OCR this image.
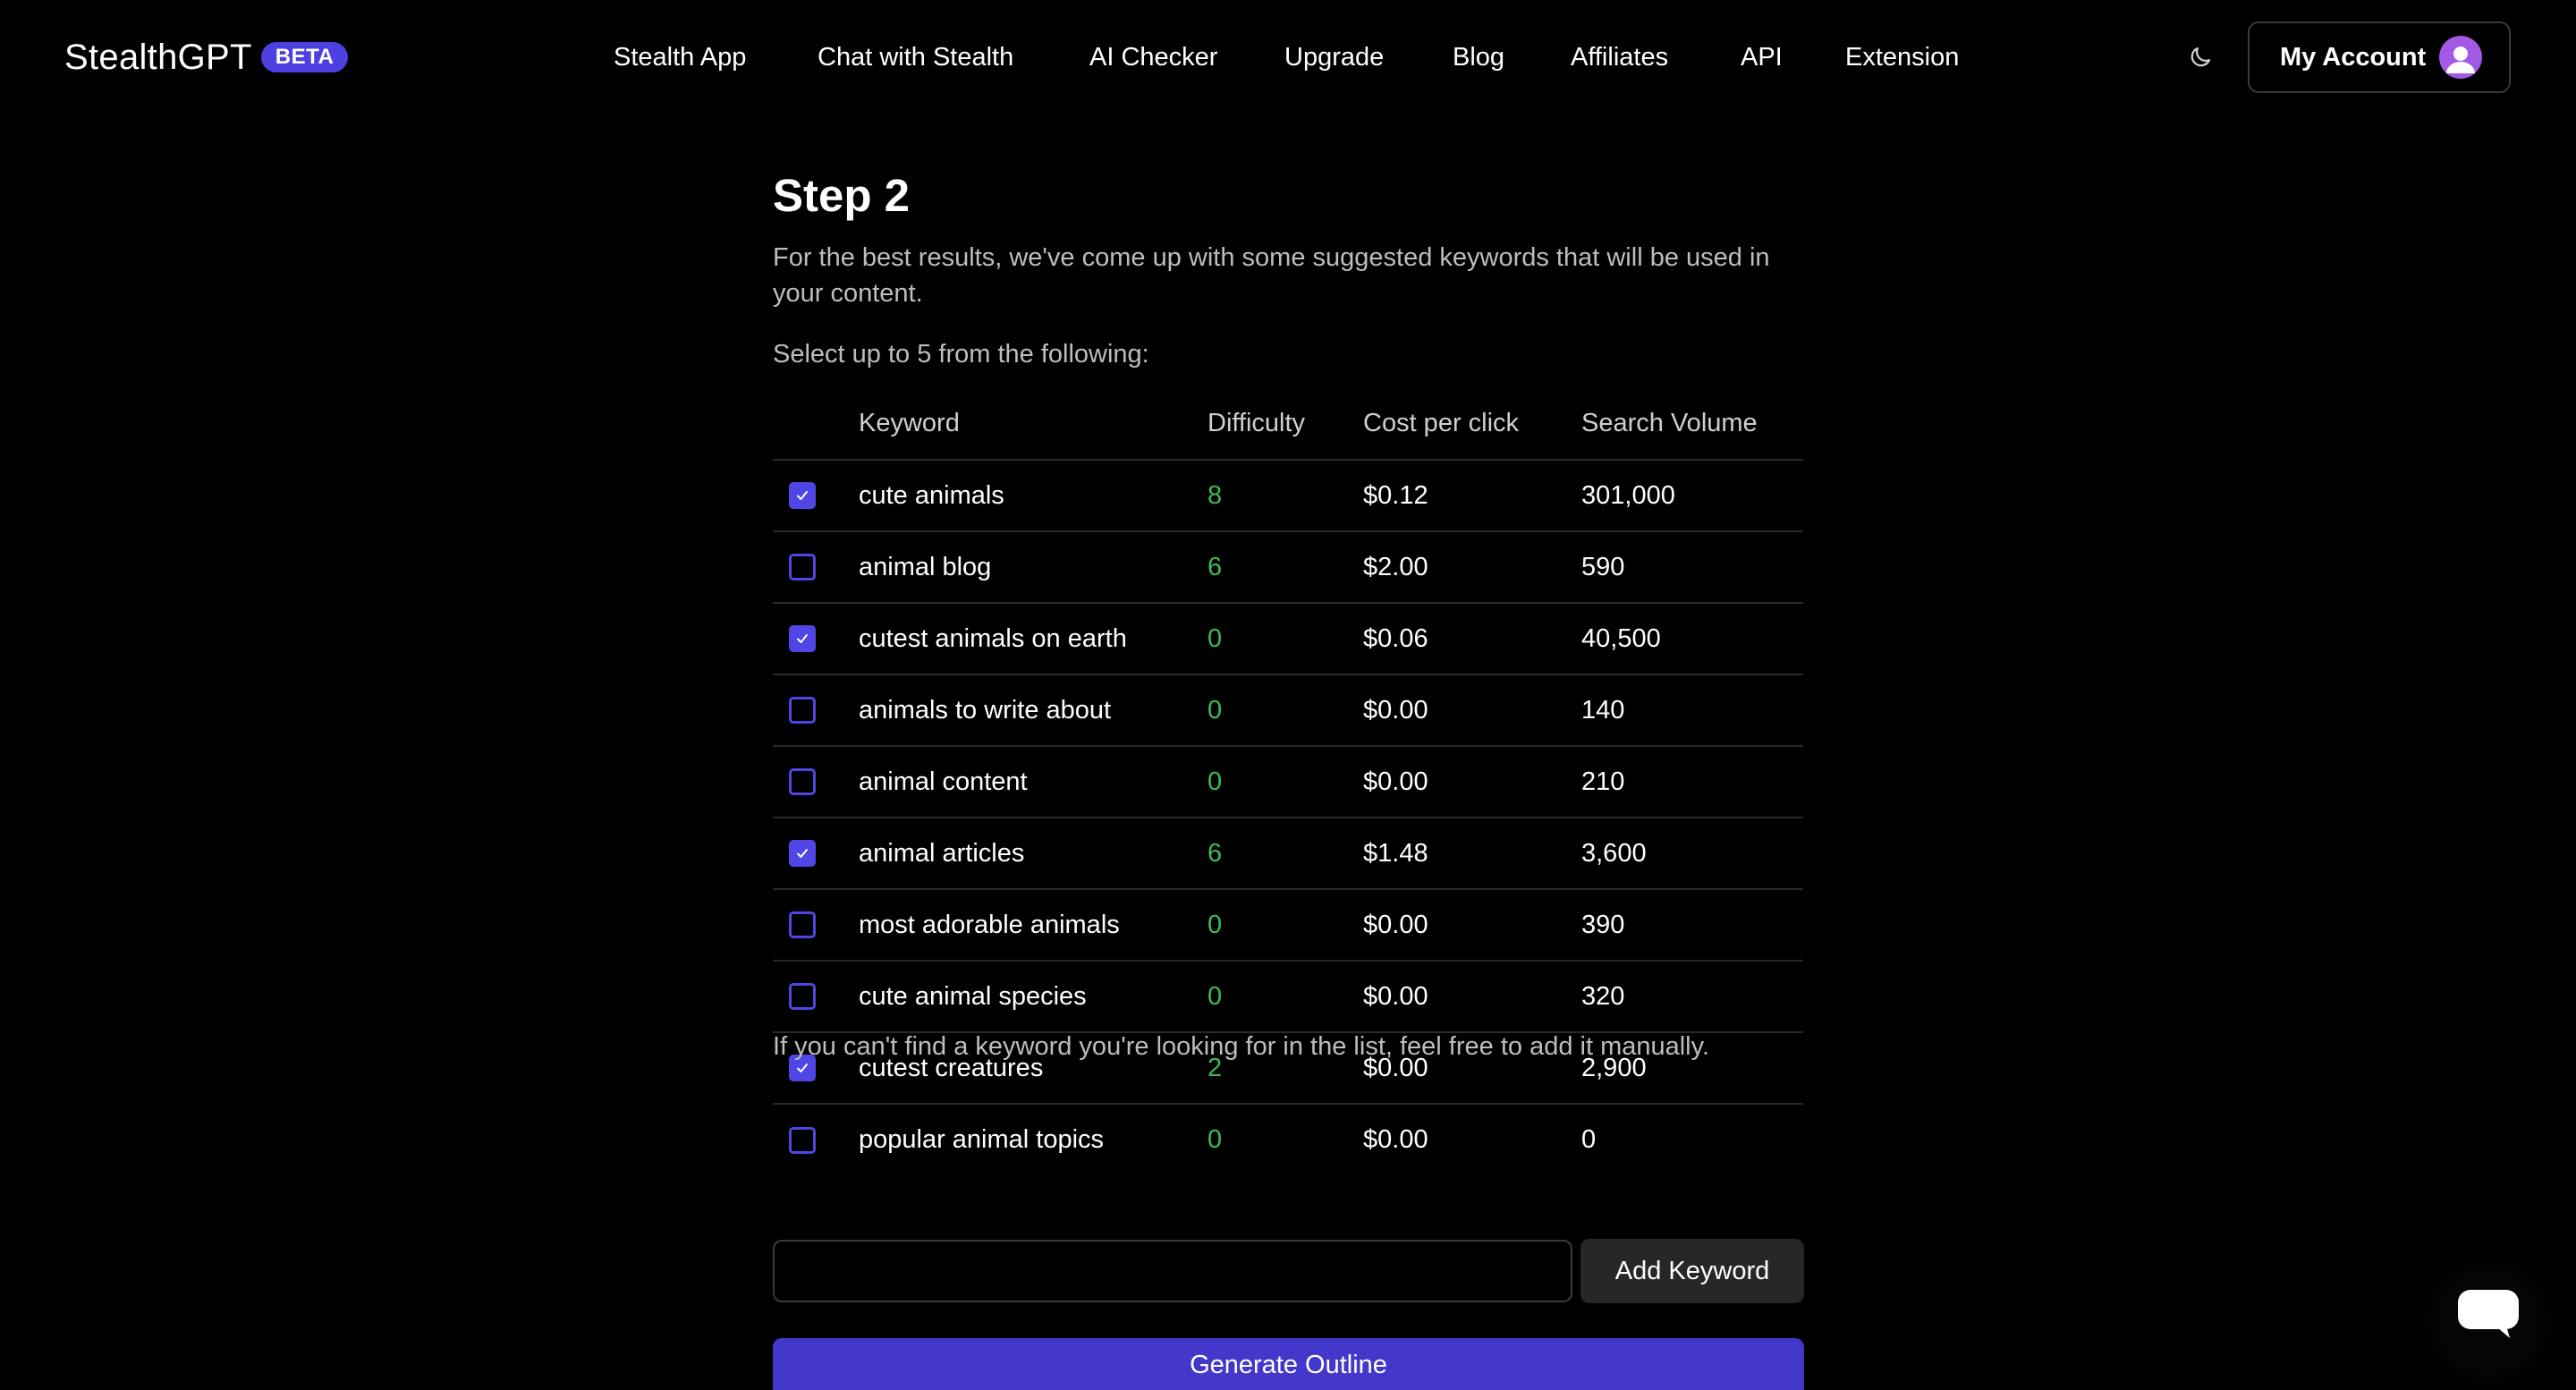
StealthGPT	BETA	Stealth App	Chat with Stealth	AI Checker	Upgrade	Blog	Affiliates	API Extension	My Account
Step 2

For the best results, we've come up with some suggested keywords that will be used in your content.

Select up to 5 from the following:

	Keyword	Difficulty	Cost per click	Search Volume

	cute animals	8	$0.12	301,000

	animal blog	6	$2.00	590

	cutest animals on earth	0	$0.06	40,500

	animals to write about	0	$0.00	140

	animal content	0	$0.00	210

	animal articles	6	$1.48	3,600

	most adorable animals	0	$0.00	390

	cute animal species	0	$0.00	320

	cutest creatures	2	$0.00	2,900

	popular animal topics	0	$0.00	0

If you can't find a keyword you're looking for in the list, feel free to add it manually.

Add Keyword
Generate Outline
